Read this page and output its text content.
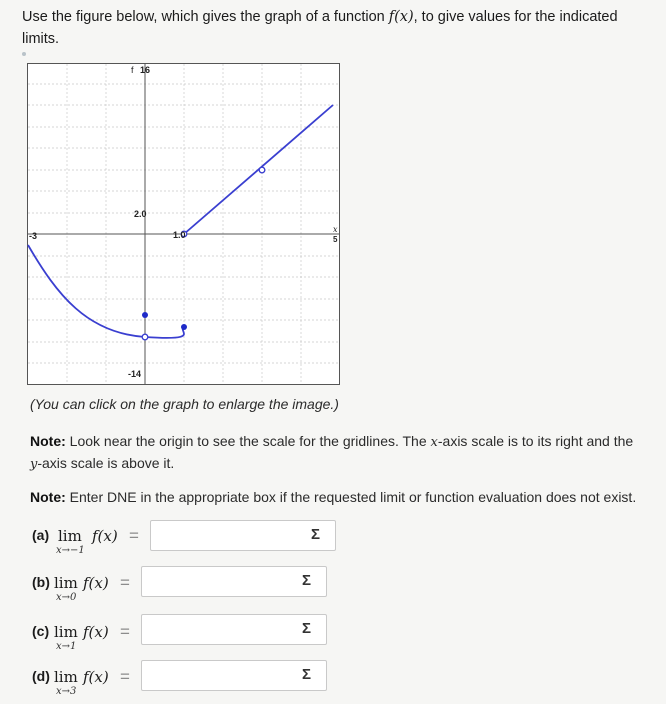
Use the figure below, which gives the graph of a function f(x), to give values for the indicated
limits.
f 16
2.0
1.0
-3
x
5
-14
(You can click on the graph to enlarge the image.)
Note: Look near the origin to see the scale for the gridlines. The x-axis scale is to its right and the
y-axis scale is above it.
Note: Enter DNE in the appropriate box if the requested limit or function evaluation does not exist.
(a) lim
x→−1
f(x) =	Σ
(b) lim
x→0
f(x) =	Σ
(c) lim
x→1
f(x) =	Σ
(d) lim
x→3
f(x) =	Σ
